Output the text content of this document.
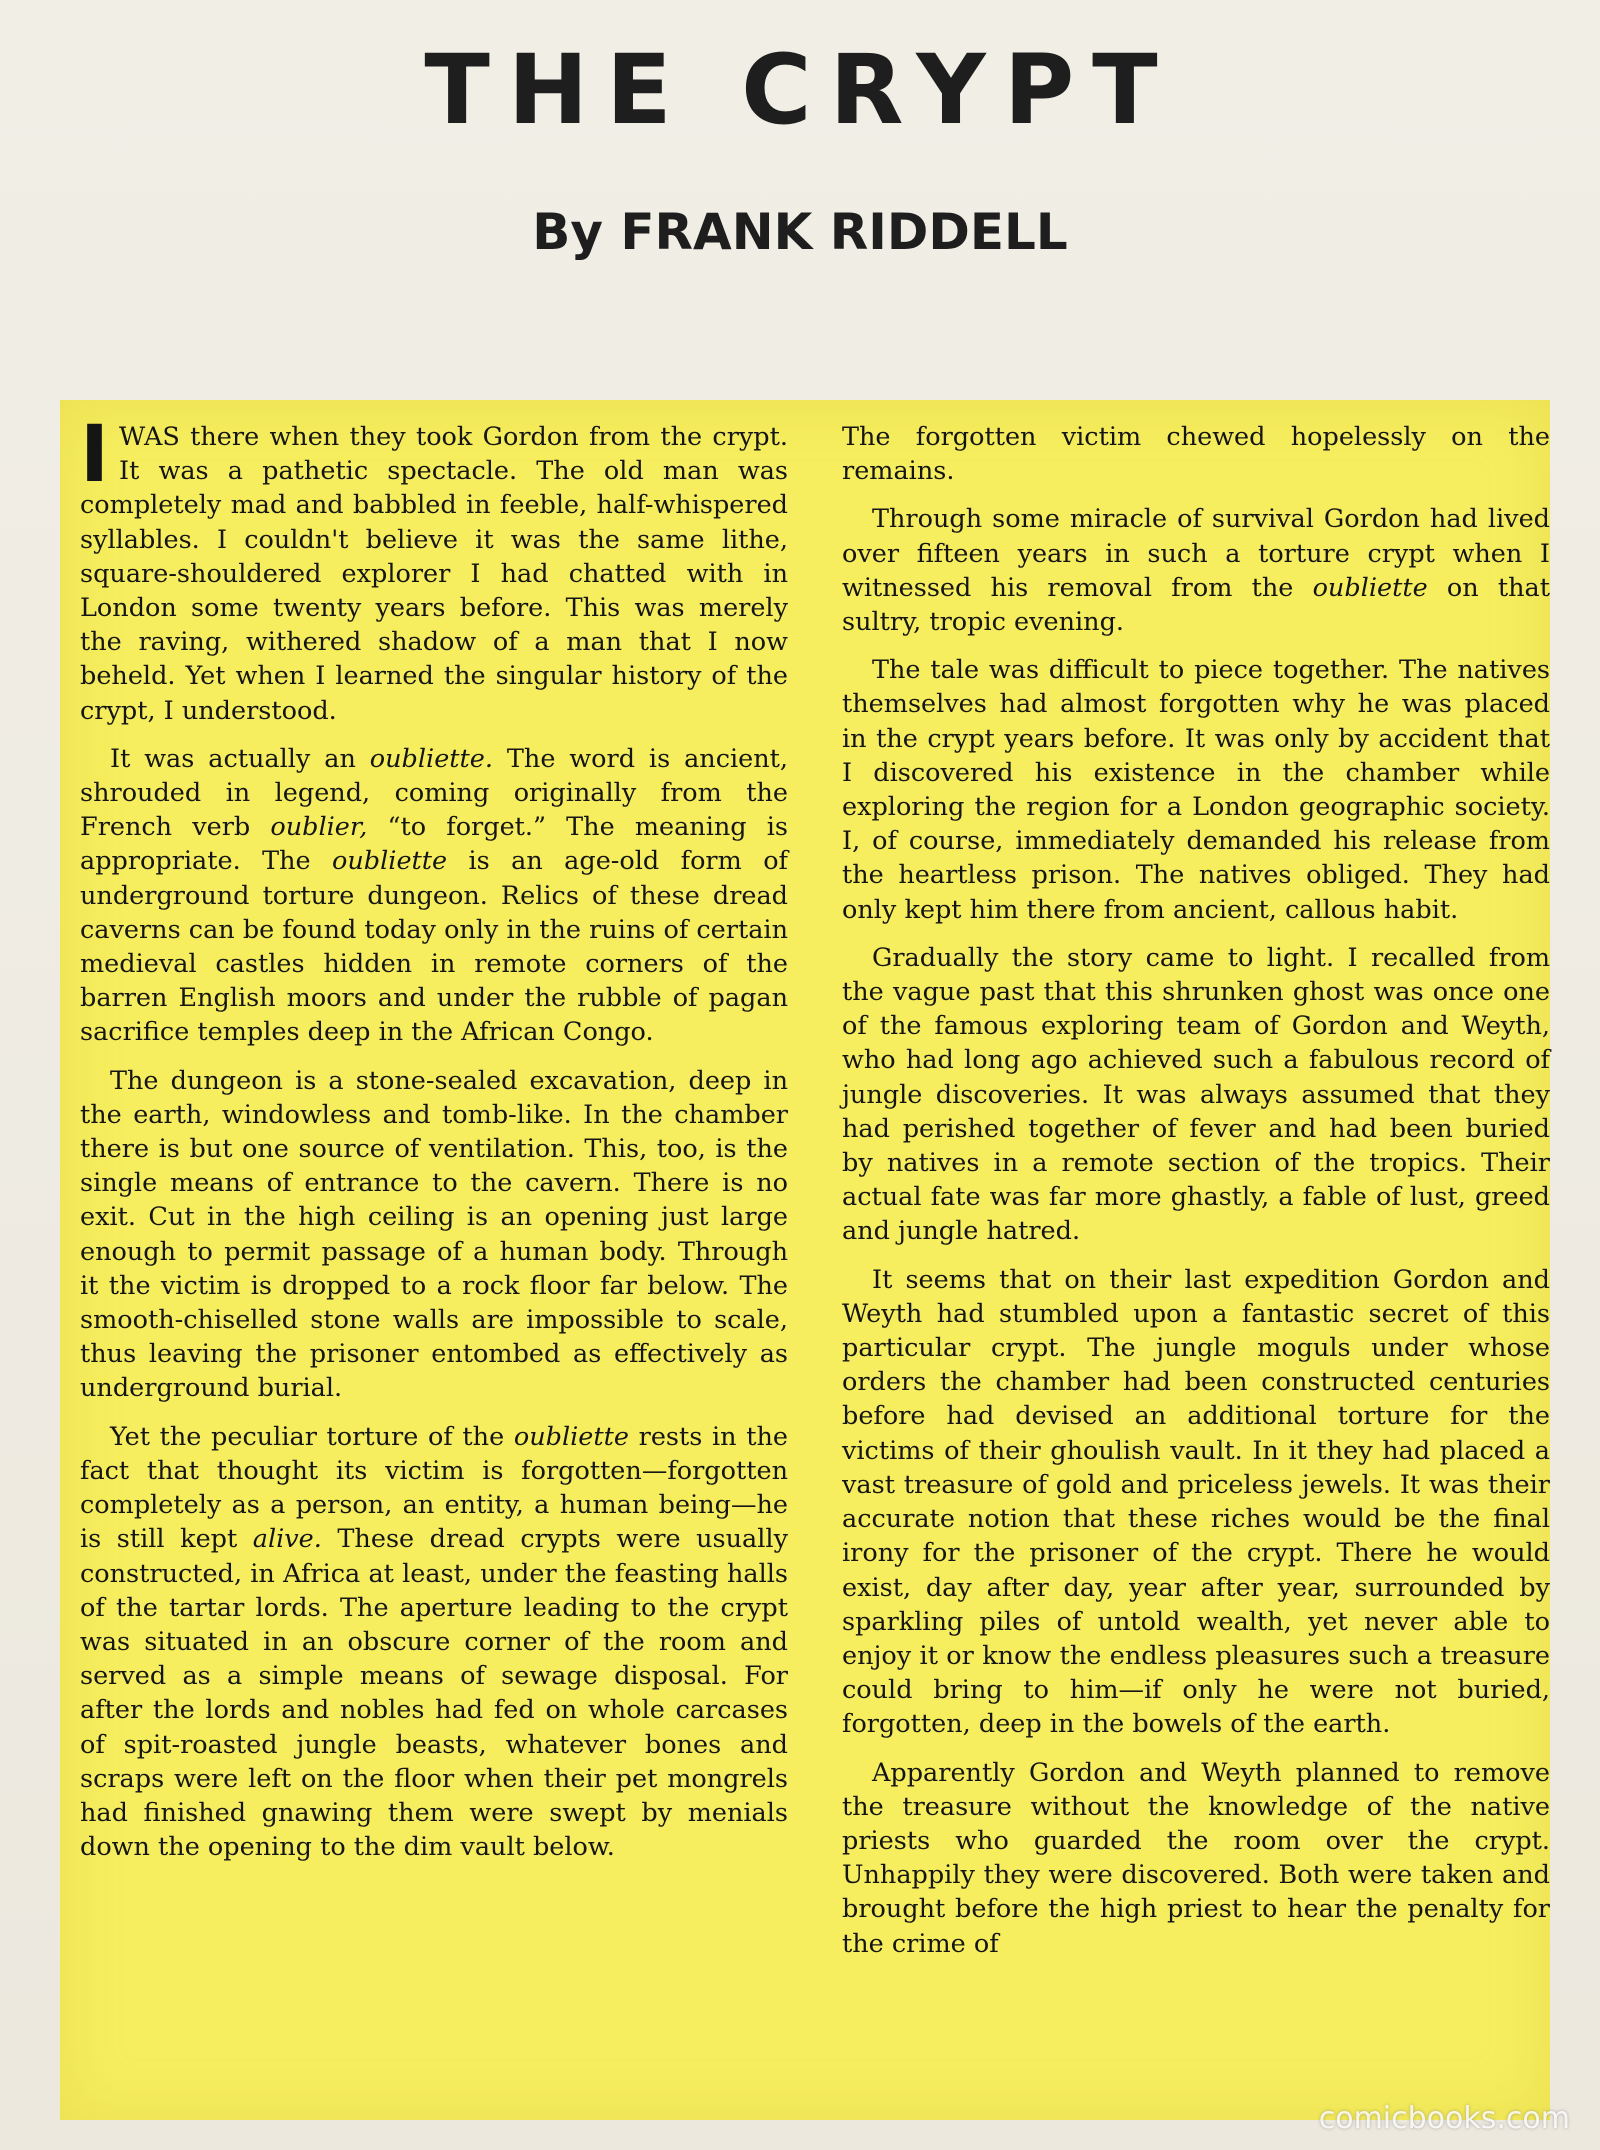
THE CRYPT
By FRANK RIDDELL

I WAS there when they took Gordon from the crypt. It was a pathetic spectacle. The old man was completely mad and babbled in feeble, half-whispered syllables. I couldn't believe it was the same lithe, square-shouldered explorer I had chatted with in London some twenty years before. This was merely the raving, withered shadow of a man that I now beheld. Yet when I learned the singular history of the crypt, I understood.

It was actually an oubliette. The word is ancient, shrouded in legend, coming originally from the French verb oublier, “to forget.” The meaning is appropriate. The oubliette is an age-old form of underground torture dungeon. Relics of these dread caverns can be found today only in the ruins of certain medieval castles hidden in remote corners of the barren English moors and under the rubble of pagan sacrifice temples deep in the African Congo.

The dungeon is a stone-sealed excavation, deep in the earth, windowless and tomb-like. In the chamber there is but one source of ventilation. This, too, is the single means of entrance to the cavern. There is no exit. Cut in the high ceiling is an opening just large enough to permit passage of a human body. Through it the victim is dropped to a rock floor far below. The smooth-chiselled stone walls are impossible to scale, thus leaving the prisoner entombed as effectively as underground burial.

Yet the peculiar torture of the oubliette rests in the fact that thought its victim is forgotten—forgotten completely as a person, an entity, a human being—he is still kept alive. These dread crypts were usually constructed, in Africa at least, under the feasting halls of the tartar lords. The aperture leading to the crypt was situated in an obscure corner of the room and served as a simple means of sewage disposal. For after the lords and nobles had fed on whole carcases of spit-roasted jungle beasts, whatever bones and scraps were left on the floor when their pet mongrels had finished gnawing them were swept by menials down the opening to the dim vault below.

The forgotten victim chewed hopelessly on the remains.

Through some miracle of survival Gordon had lived over fifteen years in such a torture crypt when I witnessed his removal from the oubliette on that sultry, tropic evening.

The tale was difficult to piece together. The natives themselves had almost forgotten why he was placed in the crypt years before. It was only by accident that I discovered his existence in the chamber while exploring the region for a London geographic society. I, of course, immediately demanded his release from the heartless prison. The natives obliged. They had only kept him there from ancient, callous habit.

Gradually the story came to light. I recalled from the vague past that this shrunken ghost was once one of the famous exploring team of Gordon and Weyth, who had long ago achieved such a fabulous record of jungle discoveries. It was always assumed that they had perished together of fever and had been buried by natives in a remote section of the tropics. Their actual fate was far more ghastly, a fable of lust, greed and jungle hatred.

It seems that on their last expedition Gordon and Weyth had stumbled upon a fantastic secret of this particular crypt. The jungle moguls under whose orders the chamber had been constructed centuries before had devised an additional torture for the victims of their ghoulish vault. In it they had placed a vast treasure of gold and priceless jewels. It was their accurate notion that these riches would be the final irony for the prisoner of the crypt. There he would exist, day after day, year after year, surrounded by sparkling piles of untold wealth, yet never able to enjoy it or know the endless pleasures such a treasure could bring to him—if only he were not buried, forgotten, deep in the bowels of the earth.

Apparently Gordon and Weyth planned to remove the treasure without the knowledge of the native priests who guarded the room over the crypt. Unhappily they were discovered. Both were taken and brought before the high priest to hear the penalty for the crime of

comicbooks.com
